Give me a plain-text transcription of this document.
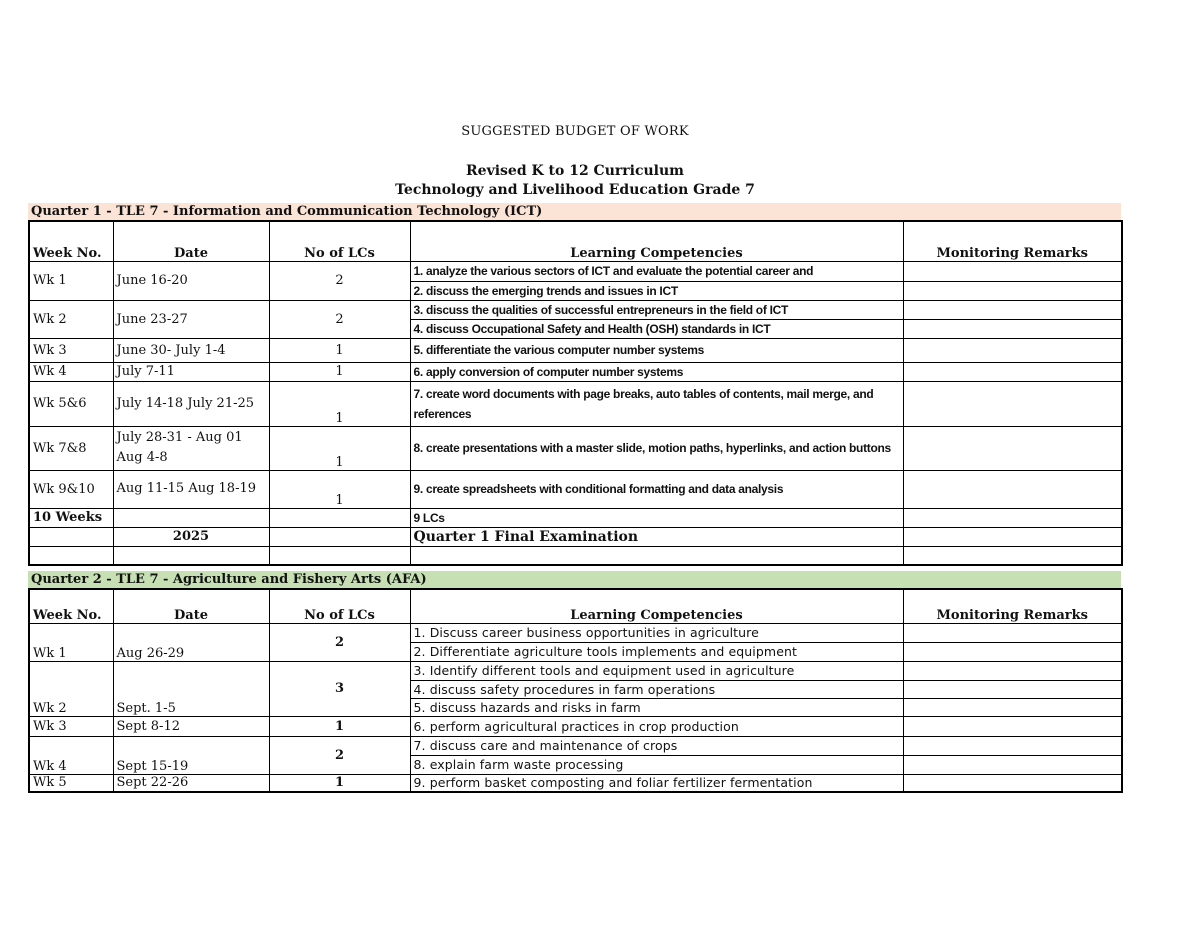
SUGGESTED BUDGET OF WORK
Revised K to 12 Curriculum
Technology and Livelihood Education Grade 7
Quarter 1 - TLE 7 - Information and Communication Technology (ICT)
Week No.	Date	No of LCs	Learning Competencies	Monitoring Remarks
Wk 1	June 16-20	2	1. analyze the various sectors of ICT and evaluate the potential career and	
			2. discuss the emerging trends and issues in ICT	
Wk 2	June 23-27	2	3. discuss the qualities of successful entrepreneurs in the field of ICT	
			4. discuss Occupational Safety and Health (OSH) standards in ICT	
Wk 3	June 30- July 1-4	1	5. differentiate the various computer number systems	
Wk 4	July 7-11	1	6. apply conversion of computer number systems	
Wk 5&6	July 14-18 July 21-25	1	7. create word documents with page breaks, auto tables of contents, mail merge, and references	
Wk 7&8	July 28-31 - Aug 01 Aug 4-8	1	8. create presentations with a master slide, motion paths, hyperlinks, and action buttons	
Wk 9&10	Aug 11-15 Aug 18-19	1	9. create spreadsheets with conditional formatting and data analysis	
10 Weeks			9 LCs	
	2025		Quarter 1 Final Examination	

Quarter 2 - TLE 7 - Agriculture and Fishery Arts (AFA)
Week No.	Date	No of LCs	Learning Competencies	Monitoring Remarks
Wk 1	Aug 26-29	2	1. Discuss career business opportunities in agriculture	
			2. Differentiate agriculture tools implements and equipment	
Wk 2	Sept. 1-5	3	3. Identify different tools and equipment used in agriculture	
			4. discuss safety procedures in farm operations	
			5. discuss hazards and risks in farm	
Wk 3	Sept 8-12	1	6. perform agricultural practices in crop production	
Wk 4	Sept 15-19	2	7. discuss care and maintenance of crops	
			8. explain farm waste processing	
Wk 5	Sept 22-26	1	9. perform basket composting and foliar fertilizer fermentation	
